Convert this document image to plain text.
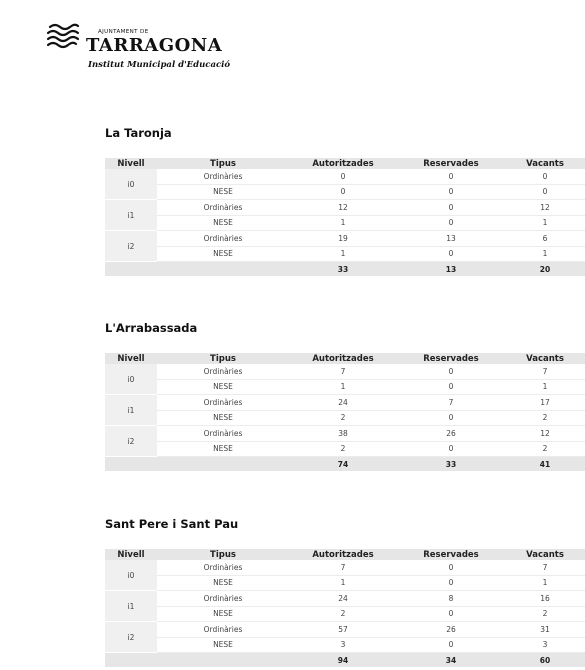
AJUNTAMENT DE
TARRAGONA
Institut Municipal d'Educació
La Taronja
Nivell	Tipus	Autoritzades	Reservades	Vacants
i0	Ordinàries	0	0	0
	NESE	0	0	0
i1	Ordinàries	12	0	12
	NESE	1	0	1
i2	Ordinàries	19	13	6
	NESE	1	0	1
		33	13	20
L'Arrabassada
Nivell	Tipus	Autoritzades	Reservades	Vacants
i0	Ordinàries	7	0	7
	NESE	1	0	1
i1	Ordinàries	24	7	17
	NESE	2	0	2
i2	Ordinàries	38	26	12
	NESE	2	0	2
		74	33	41
Sant Pere i Sant Pau
Nivell	Tipus	Autoritzades	Reservades	Vacants
i0	Ordinàries	7	0	7
	NESE	1	0	1
i1	Ordinàries	24	8	16
	NESE	2	0	2
i2	Ordinàries	57	26	31
	NESE	3	0	3
		94	34	60
